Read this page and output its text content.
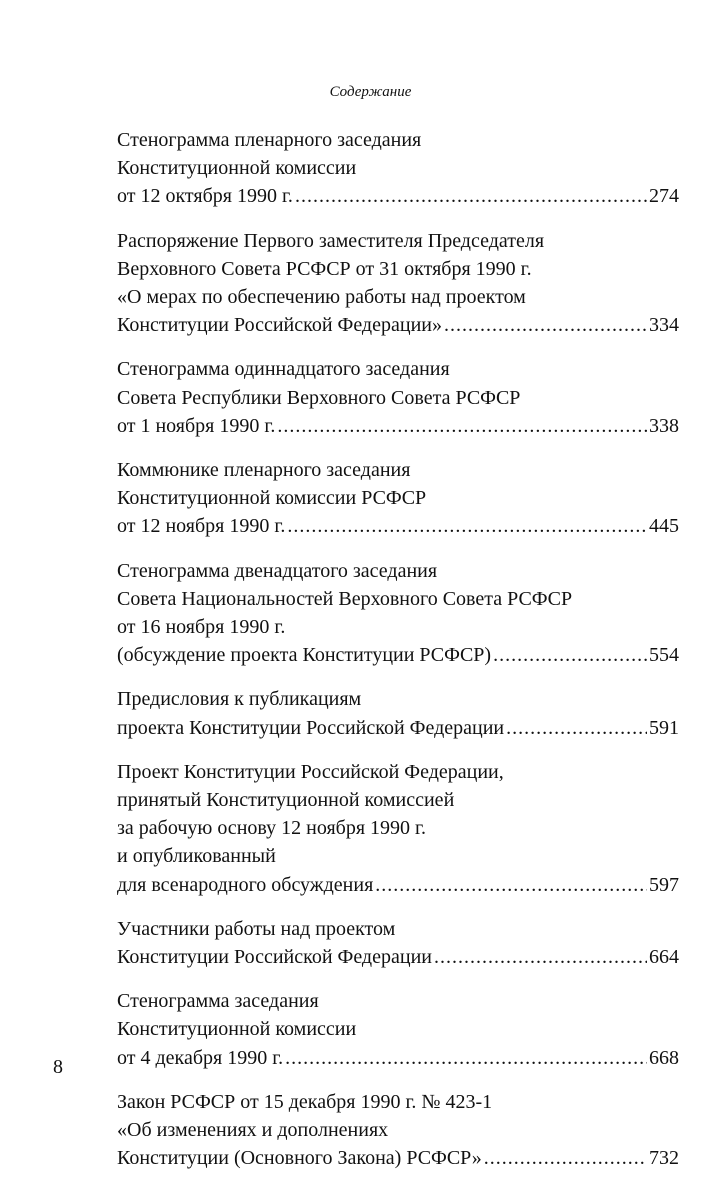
Содержание
Стенограмма пленарного заседания
Конституционной комиссии
от 12 октября 1990 г. .....	274
Распоряжение Первого заместителя Председателя
Верховного Совета РСФСР от 31 октября 1990 г.
«О мерах по обеспечению работы над проектом
Конституции Российской Федерации» .....	334
Стенограмма одиннадцатого заседания
Совета Республики Верховного Совета РСФСР
от 1 ноября 1990 г. .....	338
Коммюнике пленарного заседания
Конституционной комиссии РСФСР
от 12 ноября 1990 г. .....	445
Стенограмма двенадцатого заседания
Совета Национальностей Верховного Совета РСФСР
от 16 ноября 1990 г.
(обсуждение проекта Конституции РСФСР) .....	554
Предисловия к публикациям
проекта Конституции Российской Федерации .....	591
Проект Конституции Российской Федерации,
принятый Конституционной комиссией
за рабочую основу 12 ноября 1990 г.
и опубликованный
для всенародного обсуждения .....	597
Участники работы над проектом
Конституции Российской Федерации .....	664
Стенограмма заседания
Конституционной комиссии
от 4 декабря 1990 г. .....	668
Закон РСФСР от 15 декабря 1990 г. № 423-1
«Об изменениях и дополнениях
Конституции (Основного Закона) РСФСР» .....	732
8
